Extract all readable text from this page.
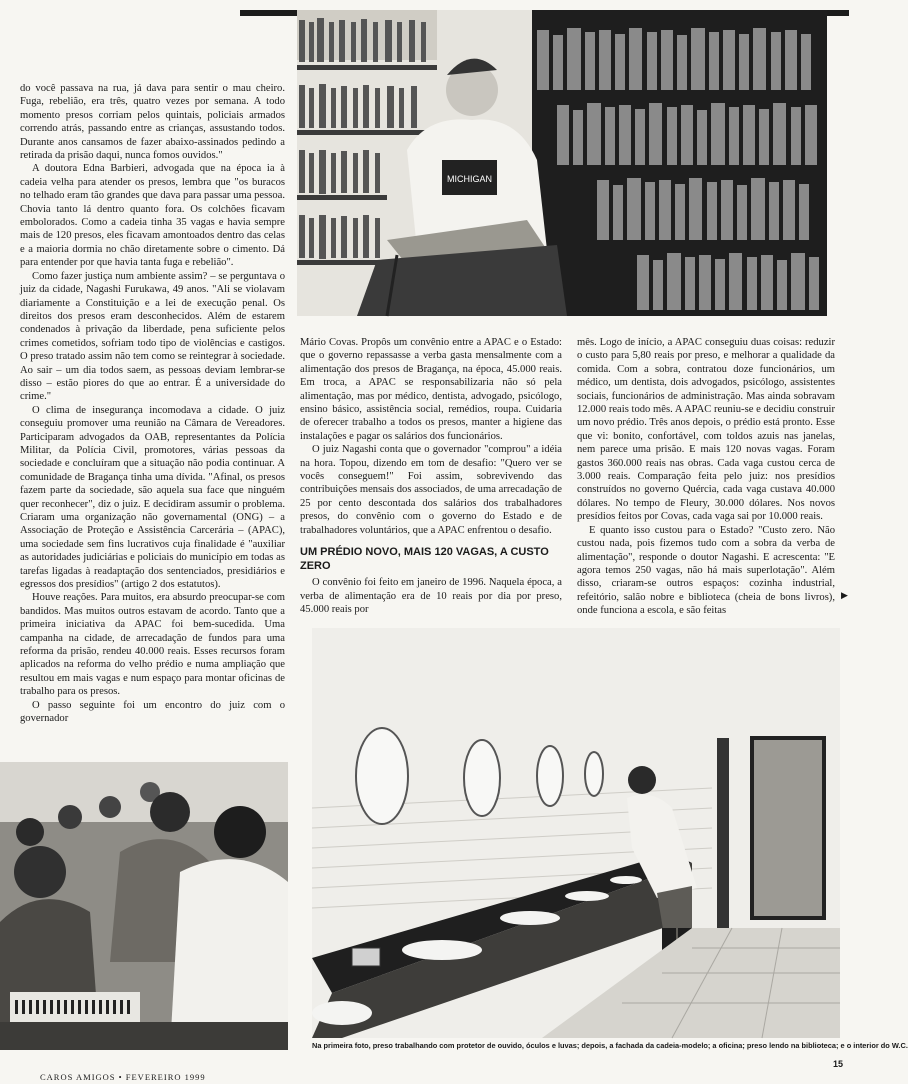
do você passava na rua, já dava para sentir o mau cheiro. Fuga, rebelião, era três, quatro vezes por semana. A todo momento presos corriam pelos quintais, policiais armados correndo atrás, passando entre as crianças, assustando todos. Durante anos cansamos de fazer abaixo-assinados pedindo a retirada da prisão daqui, nunca fomos ouvidos."

A doutora Edna Barbieri, advogada que na época ia à cadeia velha para atender os presos, lembra que "os buracos no telhado eram tão grandes que dava para passar uma pessoa. Chovia tanto lá dentro quanto fora. Os colchões ficavam embolorados. Como a cadeia tinha 35 vagas e havia sempre mais de 120 presos, eles ficavam amontoados dentro das celas e a maioria dormia no chão diretamente sobre o cimento. Dá para entender por que havia tanta fuga e rebelião".

Como fazer justiça num ambiente assim? – se perguntava o juiz da cidade, Nagashi Furukawa, 49 anos. "Ali se violavam diariamente a Constituição e a lei de execução penal. Os direitos dos presos eram desconhecidos. Além de estarem condenados à privação da liberdade, pena suficiente pelos crimes cometidos, sofriam todo tipo de violências e castigos. O preso tratado assim não tem como se reintegrar à sociedade. Ao sair – um dia todos saem, as pessoas deviam lembrar-se disso – estão piores do que ao entrar. É a universidade do crime."

O clima de insegurança incomodava a cidade. O juiz conseguiu promover uma reunião na Câmara de Vereadores. Participaram advogados da OAB, representantes da Polícia Militar, da Polícia Civil, promotores, várias pessoas da sociedade e concluíram que a situação não podia continuar. A comunidade de Bragança tinha uma dívida. "Afinal, os presos fazem parte da sociedade, são aquela sua face que ninguém quer reconhecer", diz o juiz. E decidiram assumir o problema. Criaram uma organização não governamental (ONG) – a Associação de Proteção e Assistência Carcerária – (APAC), uma sociedade sem fins lucrativos cuja finalidade é "auxiliar as autoridades judiciárias e policiais do município em todas as tarefas ligadas à readaptação dos sentenciados, presidiários e egressos dos presídios" (artigo 2 dos estatutos).

Houve reações. Para muitos, era absurdo preocupar-se com bandidos. Mas muitos outros estavam de acordo. Tanto que a primeira iniciativa da APAC foi bem-sucedida. Uma campanha na cidade, de arrecadação de fundos para uma reforma da prisão, rendeu 40.000 reais. Esses recursos foram aplicados na reforma do velho prédio e numa ampliação que resultou em mais vagas e num espaço para montar oficinas de trabalho para os presos.

O passo seguinte foi um encontro do juiz com o governador

Mário Covas. Propôs um convênio entre a APAC e o Estado: que o governo repassasse a verba gasta mensalmente com a alimentação dos presos de Bragança, na época, 45.000 reais. Em troca, a APAC se responsabilizaria não só pela alimentação, mas por médico, dentista, advogado, psicólogo, ensino básico, assistência social, remédios, roupa. Cuidaria de oferecer trabalho a todos os presos, manter a higiene das instalações e pagar os salários dos funcionários.

O juiz Nagashi conta que o governador "comprou" a idéia na hora. Topou, dizendo em tom de desafio: "Quero ver se vocês conseguem!" Foi assim, sobrevivendo das contribuições mensais dos associados, de uma arrecadação de 25 por cento descontada dos salários dos trabalhadores presos, do convênio com o governo do Estado e de trabalhadores voluntários, que a APAC enfrentou o desafio.

UM PRÉDIO NOVO, MAIS 120 VAGAS, A CUSTO ZERO

O convênio foi feito em janeiro de 1996. Naquela época, a verba de alimentação era de 10 reais por dia por preso, 45.000 reais por

mês. Logo de início, a APAC conseguiu duas coisas: reduzir o custo para 5,80 reais por preso, e melhorar a qualidade da comida. Com a sobra, contratou doze funcionários, um médico, um dentista, dois advogados, psicólogo, assistentes sociais, funcionários de administração. Mas ainda sobravam 12.000 reais todo mês. A APAC reuniu-se e decidiu construir um novo prédio. Três anos depois, o prédio está pronto. Esse que vi: bonito, confortável, com toldos azuis nas janelas, nem parece uma prisão. E mais 120 novas vagas. Foram gastos 360.000 reais nas obras. Cada vaga custou cerca de 3.000 reais. Comparação feita pelo juiz: nos presídios construídos no governo Quércia, cada vaga custava 40.000 dólares. No tempo de Fleury, 30.000 dólares. Nos novos presídios feitos por Covas, cada vaga sai por 10.000 reais.

E quanto isso custou para o Estado? "Custo zero. Não custou nada, pois fizemos tudo com a sobra da verba de alimentação", responde o doutor Nagashi. E acrescenta: "E agora temos 250 vagas, não há mais superlotação". Além disso, criaram-se outros espaços: cozinha industrial, refeitório, salão nobre e biblioteca (cheia de bons livros), onde funciona a escola, e são feitas

▶
MICHIGAN
Na primeira foto, preso trabalhando com protetor de ouvido, óculos e luvas; depois, a fachada da cadeia-modelo; a oficina; preso lendo na biblioteca; e o interior do W.C.
CAROS AMIGOS • FEVEREIRO 1999
15
